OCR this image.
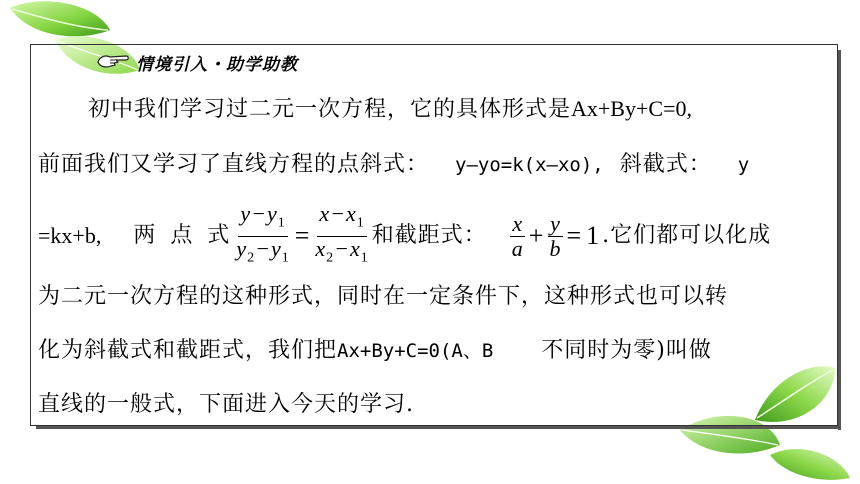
情境引入・助学助教
初中我们学习过二元一次方程，它的具体形式是Ax+By+C=0,
前面我们又学习了直线方程的点斜式： y—yo=k(x—xo), 斜截式： y
=kx+b, 两 点 式 $\frac{y-y_1}{y_2-y_1} = \frac{x-x_1}{x_2-x_1}$ 和截距式： $\frac{x}{a} + \frac{y}{b} = 1$ .它们都可以化成
为二元一次方程的这种形式，同时在一定条件下，这种形式也可以转
化为斜截式和截距式，我们把Ax+By+C=0(A、B 不同时为零)叫做
直线的一般式，下面进入今天的学习.
